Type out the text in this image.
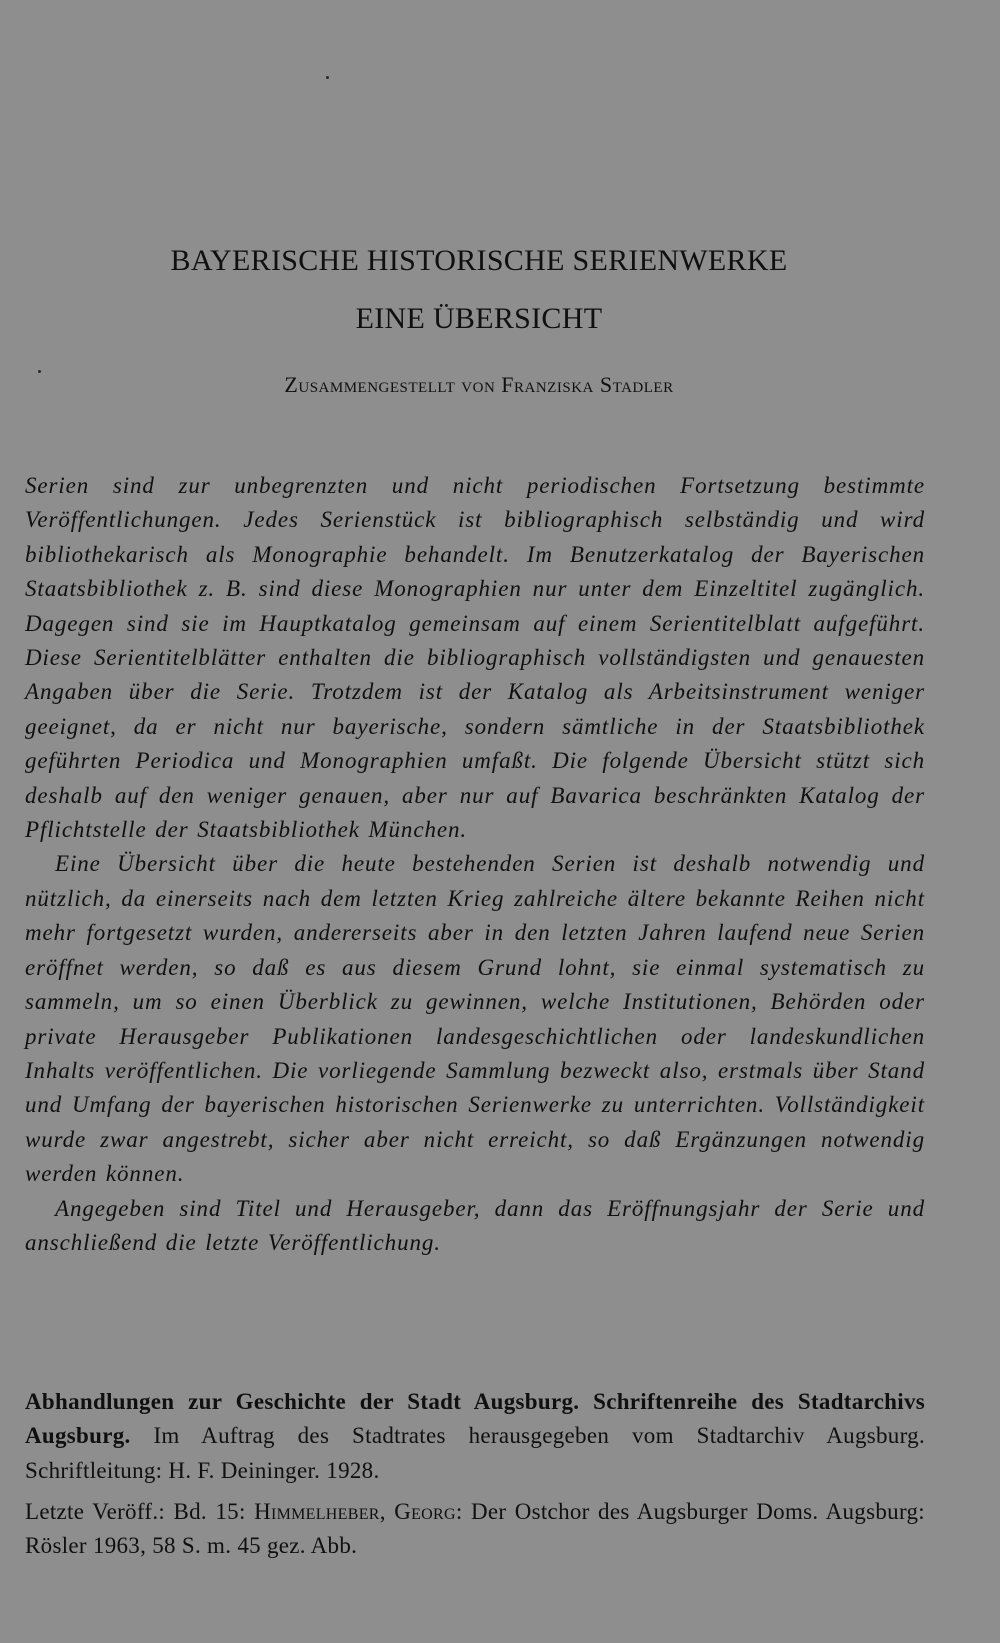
BAYERISCHE HISTORISCHE SERIENWERKE
EINE ÜBERSICHT
Zusammengestellt von Franziska Stadler

Serien sind zur unbegrenzten und nicht periodischen Fortsetzung bestimmte Veröffentlichungen. Jedes Serienstück ist bibliographisch selbständig und wird bibliothekarisch als Monographie behandelt. Im Benutzerkatalog der Bayerischen Staatsbibliothek z. B. sind diese Monographien nur unter dem Einzeltitel zugänglich. Dagegen sind sie im Hauptkatalog gemeinsam auf einem Serientitelblatt aufgeführt. Diese Serientitelblätter enthalten die bibliographisch vollständigsten und genauesten Angaben über die Serie. Trotzdem ist der Katalog als Arbeitsinstrument weniger geeignet, da er nicht nur bayerische, sondern sämtliche in der Staatsbibliothek geführten Periodica und Monographien umfaßt. Die folgende Übersicht stützt sich deshalb auf den weniger genauen, aber nur auf Bavarica beschränkten Katalog der Pflichtstelle der Staatsbibliothek München.

Eine Übersicht über die heute bestehenden Serien ist deshalb notwendig und nützlich, da einerseits nach dem letzten Krieg zahlreiche ältere bekannte Reihen nicht mehr fortgesetzt wurden, andererseits aber in den letzten Jahren laufend neue Serien eröffnet werden, so daß es aus diesem Grund lohnt, sie einmal systematisch zu sammeln, um so einen Überblick zu gewinnen, welche Institutionen, Behörden oder private Herausgeber Publikationen landesgeschichtlichen oder landeskundlichen Inhalts veröffentlichen. Die vorliegende Sammlung bezweckt also, erstmals über Stand und Umfang der bayerischen historischen Serienwerke zu unterrichten. Vollständigkeit wurde zwar angestrebt, sicher aber nicht erreicht, so daß Ergänzungen notwendig werden können.

Angegeben sind Titel und Herausgeber, dann das Eröffnungsjahr der Serie und anschließend die letzte Veröffentlichung.

Abhandlungen zur Geschichte der Stadt Augsburg. Schriftenreihe des Stadtarchivs Augsburg. Im Auftrag des Stadtrates herausgegeben vom Stadtarchiv Augsburg. Schriftleitung: H. F. Deininger. 1928.
Letzte Veröff.: Bd. 15: Himmelheber, Georg: Der Ostchor des Augsburger Doms. Augsburg: Rösler 1963, 58 S. m. 45 gez. Abb.
